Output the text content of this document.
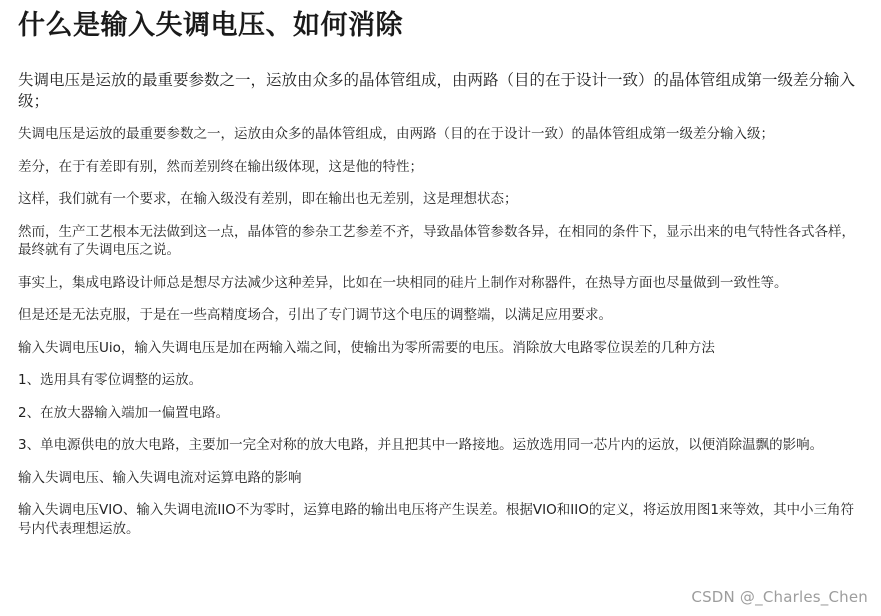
什么是输入失调电压、如何消除

失调电压是运放的最重要参数之一，运放由众多的晶体管组成，由两路（目的在于设计一致）的晶体管组成第一级差分输入级；

失调电压是运放的最重要参数之一，运放由众多的晶体管组成，由两路（目的在于设计一致）的晶体管组成第一级差分输入级；

差分，在于有差即有别，然而差别终在输出级体现，这是他的特性；

这样，我们就有一个要求，在输入级没有差别，即在输出也无差别，这是理想状态；

然而，生产工艺根本无法做到这一点，晶体管的参杂工艺参差不齐，导致晶体管参数各异，在相同的条件下，显示出来的电气特性各式各样，最终就有了失调电压之说。

事实上，集成电路设计师总是想尽方法减少这种差异，比如在一块相同的硅片上制作对称器件，在热导方面也尽量做到一致性等。

但是还是无法克服，于是在一些高精度场合，引出了专门调节这个电压的调整端，以满足应用要求。

输入失调电压Uio，输入失调电压是加在两输入端之间，使输出为零所需要的电压。消除放大电路零位误差的几种方法

1、选用具有零位调整的运放。

2、在放大器输入端加一偏置电路。

3、单电源供电的放大电路，主要加一完全对称的放大电路，并且把其中一路接地。运放选用同一芯片内的运放，以便消除温飘的影响。

输入失调电压、输入失调电流对运算电路的影响

输入失调电压VIO、输入失调电流IIO不为零时，运算电路的输出电压将产生误差。根据VIO和IIO的定义，将运放用图1来等效，其中小三角符号内代表理想运放。

CSDN @_Charles_Chen
